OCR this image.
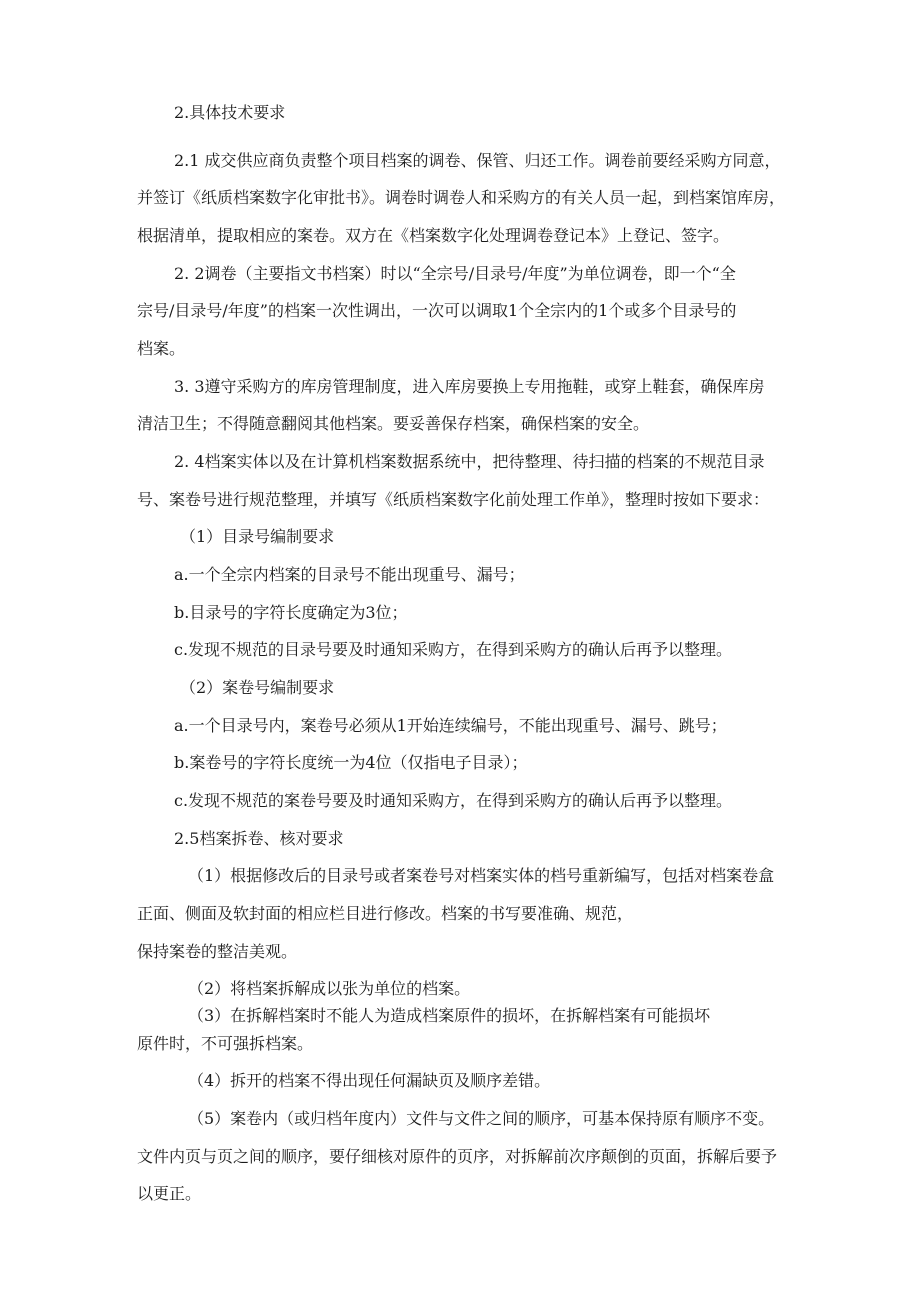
2.具体技术要求
2.1 成交供应商负责整个项目档案的调卷、保管、归还工作。调卷前要经采购方同意，
并签订《纸质档案数字化审批书》。调卷时调卷人和采购方的有关人员一起，到档案馆库房，
根据清单，提取相应的案卷。双方在《档案数字化处理调卷登记本》上登记、签字。
2. 2调卷（主要指文书档案）时以“全宗号/目录号/年度”为单位调卷，即一个“全
宗号/目录号/年度”的档案一次性调出，一次可以调取1个全宗内的1个或多个目录号的
档案。
3. 3遵守采购方的库房管理制度，进入库房要换上专用拖鞋，或穿上鞋套，确保库房
清洁卫生；不得随意翻阅其他档案。要妥善保存档案，确保档案的安全。
2. 4档案实体以及在计算机档案数据系统中，把待整理、待扫描的档案的不规范目录
号、案卷号进行规范整理，并填写《纸质档案数字化前处理工作单》，整理时按如下要求：
（1）目录号编制要求
a.一个全宗内档案的目录号不能出现重号、漏号；
b.目录号的字符长度确定为3位；
c.发现不规范的目录号要及时通知采购方，在得到采购方的确认后再予以整理。
（2）案卷号编制要求
a.一个目录号内，案卷号必须从1开始连续编号，不能出现重号、漏号、跳号；
b.案卷号的字符长度统一为4位（仅指电子目录）；
c.发现不规范的案卷号要及时通知采购方，在得到采购方的确认后再予以整理。
2.5档案拆卷、核对要求
（1）根据修改后的目录号或者案卷号对档案实体的档号重新编写，包括对档案卷盒
正面、侧面及软封面的相应栏目进行修改。档案的书写要准确、规范，
保持案卷的整洁美观。
（2）将档案拆解成以张为单位的档案。
（3）在拆解档案时不能人为造成档案原件的损坏，在拆解档案有可能损坏
原件时，不可强拆档案。
（4）拆开的档案不得出现任何漏缺页及顺序差错。
（5）案卷内（或归档年度内）文件与文件之间的顺序，可基本保持原有顺序不变。
文件内页与页之间的顺序，要仔细核对原件的页序，对拆解前次序颠倒的页面，拆解后要予
以更正。
